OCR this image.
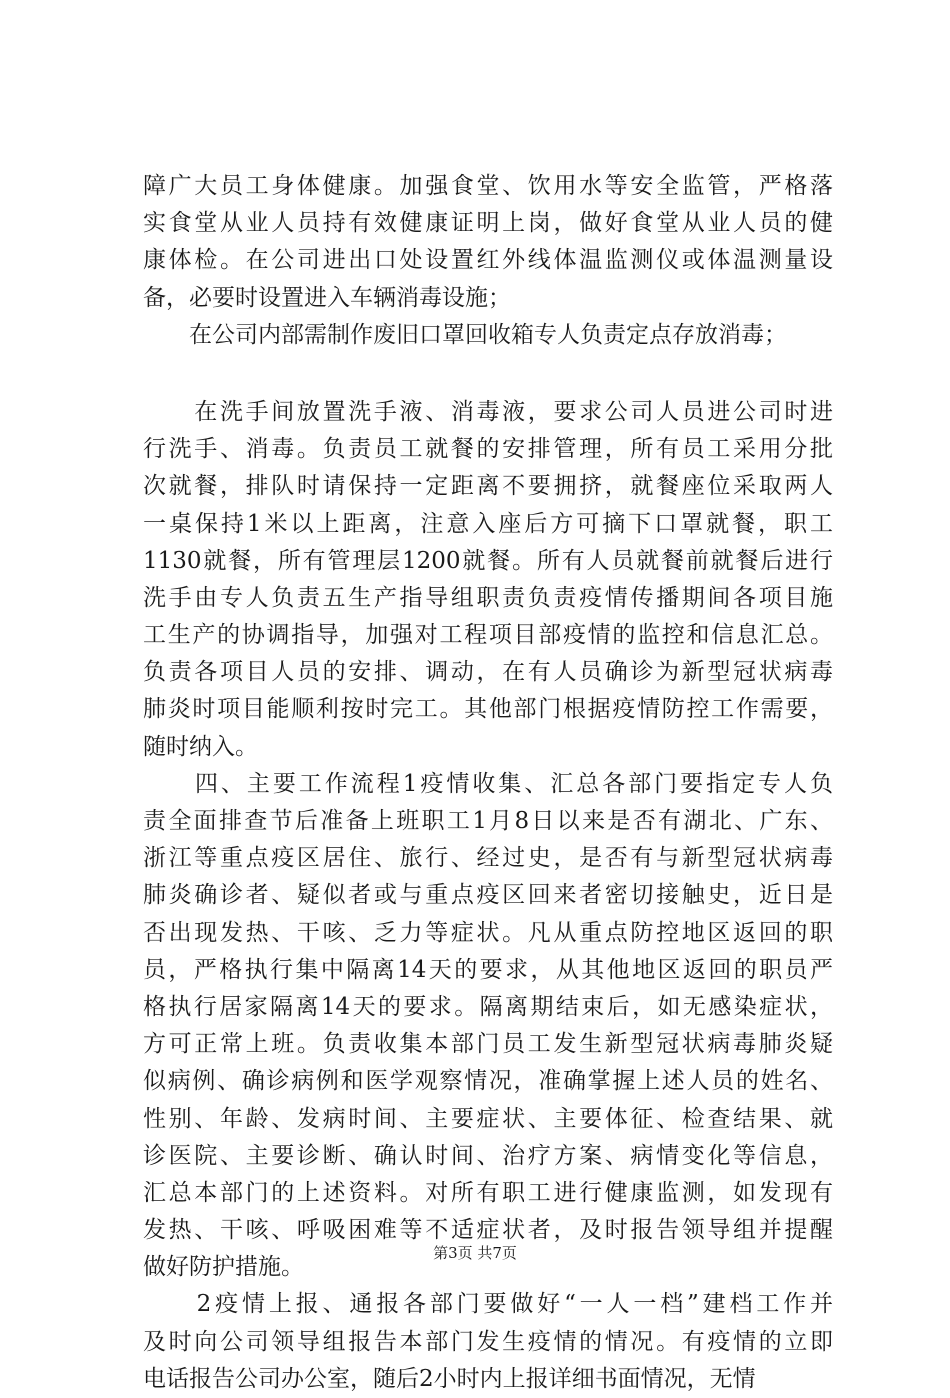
障广大员工身体健康。加强食堂、饮用水等安全监管，严格落
实食堂从业人员持有效健康证明上岗，做好食堂从业人员的健
康体检。在公司进出口处设置红外线体温监测仪或体温测量设
备，必要时设置进入车辆消毒设施；
　　在公司内部需制作废旧口罩回收箱专人负责定点存放消毒；
　　在洗手间放置洗手液、消毒液，要求公司人员进公司时进
行洗手、消毒。负责员工就餐的安排管理，所有员工采用分批
次就餐，排队时请保持一定距离不要拥挤，就餐座位采取两人
一桌保持1米以上距离，注意入座后方可摘下口罩就餐，职工
1130就餐，所有管理层1200就餐。所有人员就餐前就餐后进行
洗手由专人负责五生产指导组职责负责疫情传播期间各项目施
工生产的协调指导，加强对工程项目部疫情的监控和信息汇总。
负责各项目人员的安排、调动，在有人员确诊为新型冠状病毒
肺炎时项目能顺利按时完工。其他部门根据疫情防控工作需要，
随时纳入。
　　四、主要工作流程1疫情收集、汇总各部门要指定专人负
责全面排查节后准备上班职工1月8日以来是否有湖北、广东、
浙江等重点疫区居住、旅行、经过史，是否有与新型冠状病毒
肺炎确诊者、疑似者或与重点疫区回来者密切接触史，近日是
否出现发热、干咳、乏力等症状。凡从重点防控地区返回的职
员，严格执行集中隔离14天的要求，从其他地区返回的职员严
格执行居家隔离14天的要求。隔离期结束后，如无感染症状，
方可正常上班。负责收集本部门员工发生新型冠状病毒肺炎疑
似病例、确诊病例和医学观察情况，准确掌握上述人员的姓名、
性别、年龄、发病时间、主要症状、主要体征、检查结果、就
诊医院、主要诊断、确认时间、治疗方案、病情变化等信息，
汇总本部门的上述资料。对所有职工进行健康监测，如发现有
发热、干咳、呼吸困难等不适症状者，及时报告领导组并提醒
做好防护措施。
　　2疫情上报、通报各部门要做好“一人一档”建档工作并
及时向公司领导组报告本部门发生疫情的情况。有疫情的立即
电话报告公司办公室，随后2小时内上报详细书面情况，无情
第3页 共7页
